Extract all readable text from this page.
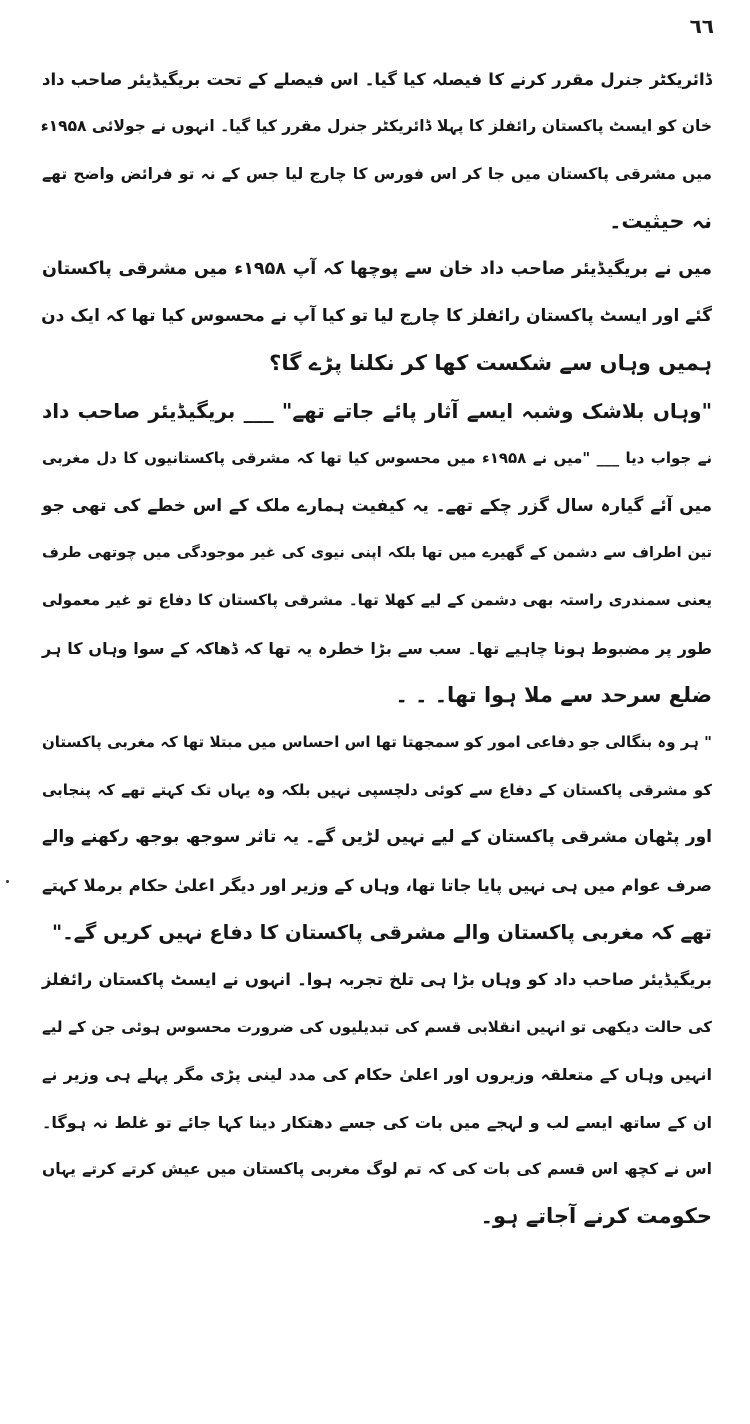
٦٦
ڈائریکٹر جنرل مقرر کرنے کا فیصلہ کیا گیا۔ اس فیصلے کے تحت بریگیڈیئر صاحب داد
خان کو ایسٹ پاکستان رائفلز کا پہلا ڈائریکٹر جنرل مقرر کیا گیا۔ انہوں نے جولائی ۱۹۵۸ء
میں مشرقی پاکستان میں جا کر اس فورس کا چارج لیا جس کے نہ تو فرائض واضح تھے
نہ حیثیت۔
میں نے بریگیڈیئر صاحب داد خان سے پوچھا کہ آپ ۱۹۵۸ء میں مشرقی پاکستان
گئے اور ایسٹ پاکستان رائفلز کا چارج لیا تو کیا آپ نے محسوس کیا تھا کہ ایک دن
ہمیں وہاں سے شکست کھا کر نکلنا پڑے گا؟
"وہاں بلاشک وشبہ ایسے آثار پائے جاتے تھے" ___ بریگیڈیئر صاحب داد
نے جواب دیا ___ "میں نے ۱۹۵۸ء میں محسوس کیا تھا کہ مشرقی پاکستانیوں کا دل مغربی
میں آئے گیارہ سال گزر چکے تھے۔ یہ کیفیت ہمارے ملک کے اس خطے کی تھی جو
تین اطراف سے دشمن کے گھیرے میں تھا بلکہ اپنی نیوی کی غیر موجودگی میں چوتھی طرف
یعنی سمندری راستہ بھی دشمن کے لیے کھلا تھا۔ مشرقی پاکستان کا دفاع تو غیر معمولی
طور پر مضبوط ہونا چاہیے تھا۔ سب سے بڑا خطرہ یہ تھا کہ ڈھاکہ کے سوا وہاں کا ہر
ضلع سرحد سے ملا ہوا تھا۔ ۔ ۔
" ہر وہ بنگالی جو دفاعی امور کو سمجھتا تھا اس احساس میں مبتلا تھا کہ مغربی پاکستان
کو مشرقی پاکستان کے دفاع سے کوئی دلچسپی نہیں بلکہ وہ یہاں تک کہتے تھے کہ پنجابی
اور پٹھان مشرقی پاکستان کے لیے نہیں لڑیں گے۔ یہ تاثر سوجھ بوجھ رکھنے والے
صرف عوام میں ہی نہیں پایا جاتا تھا، وہاں کے وزیر اور دیگر اعلیٰ حکام برملا کہتے
تھے کہ مغربی پاکستان والے مشرقی پاکستان کا دفاع نہیں کریں گے۔"
بریگیڈیئر صاحب داد کو وہاں بڑا ہی تلخ تجربہ ہوا۔ انہوں نے ایسٹ پاکستان رائفلز
کی حالت دیکھی تو انہیں انقلابی قسم کی تبدیلیوں کی ضرورت محسوس ہوئی جن کے لیے
انہیں وہاں کے متعلقہ وزیروں اور اعلیٰ حکام کی مدد لینی پڑی مگر پہلے ہی وزیر نے
ان کے ساتھ ایسے لب و لہجے میں بات کی جسے دھتکار دینا کہا جائے تو غلط نہ ہوگا۔
اس نے کچھ اس قسم کی بات کی کہ تم لوگ مغربی پاکستان میں عیش کرتے کرتے یہاں
حکومت کرنے آجاتے ہو۔
